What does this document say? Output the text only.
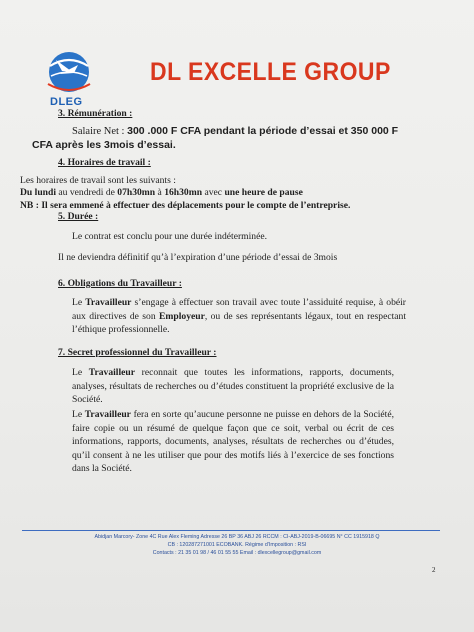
DLEG
DL EXCELLE GROUP
3. Rémunération :
Salaire Net : 300 .000 F CFA pendant la période d’essai et 350 000 F
CFA après les 3mois d’essai.
4. Horaires de travail :
Les horaires de travail sont les suivants :
Du lundi au vendredi de 07h30mn à 16h30mn avec une heure de pause
NB : Il sera emmené à effectuer des déplacements pour le compte de l’entreprise.
5. Durée :
Le contrat est conclu pour une durée indéterminée.
Il ne deviendra définitif qu’à l’expiration d’une période d’essai de 3mois
6. Obligations du Travailleur :

Le Travailleur s’engage à effectuer son travail avec toute l’assiduité requise, à obéir aux directives de son Employeur, ou de ses représentants légaux, tout en respectant l’éthique professionnelle.

7. Secret professionnel du Travailleur :

Le Travailleur reconnait que toutes les informations, rapports, documents, analyses, résultats de recherches ou d’études constituent la propriété exclusive de la Société.

Le Travailleur fera en sorte qu’aucune personne ne puisse en dehors de la Société, faire copie ou un résumé de quelque façon que ce soit, verbal ou écrit de ces informations, rapports, documents, analyses, résultats de recherches ou d’études, qu’il consent à ne les utiliser que pour des motifs liés à l’exercice de ses fonctions dans la Société.

Abidjan Marcory- Zone 4C Rue Alex Fleming Adresse 26 BP 36 ABJ 26 RCCM : CI-ABJ-2019-B-06695 N° CC 1915918 Q
CB : 120287271001 ECOBANK. Régime d’Imposition : RSI
Contacts : 21 35 01 98 / 46 01 55 55 Email : dlexcellegroup@gmail.com
2
